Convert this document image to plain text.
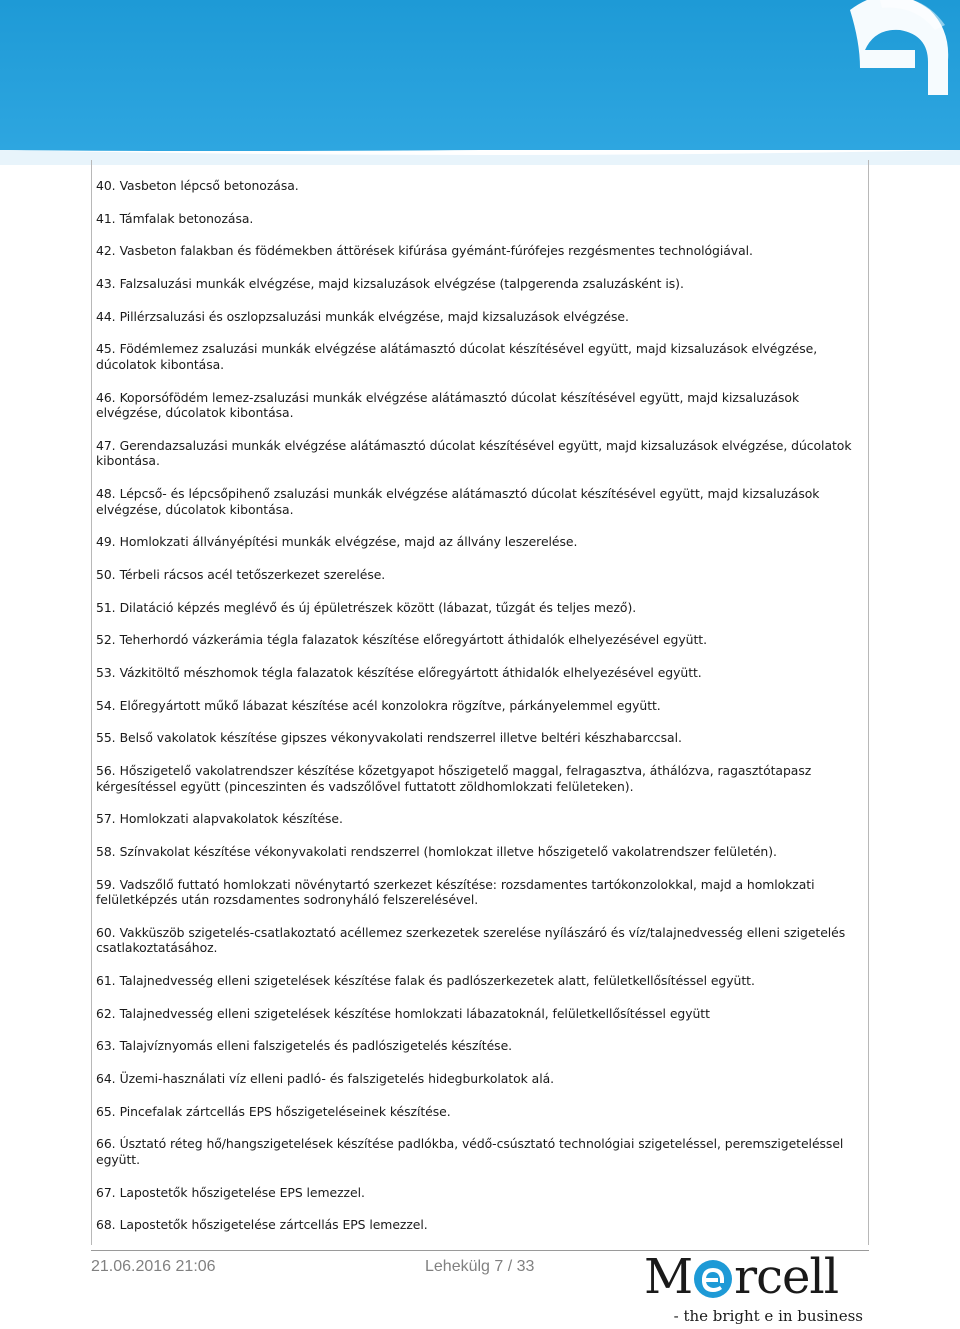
40. Vasbeton lépcső betonozása.
41. Támfalak betonozása.
42. Vasbeton falakban és födémekben áttörések kifúrása gyémánt-fúrófejes rezgésmentes technológiával.
43. Falzsaluzási munkák elvégzése, majd kizsaluzások elvégzése (talpgerenda zsaluzásként is).
44. Pillérzsaluzási és oszlopzsaluzási munkák elvégzése, majd kizsaluzások elvégzése.
45. Födémlemez zsaluzási munkák elvégzése alátámasztó dúcolat készítésével együtt, majd kizsaluzások elvégzése, dúcolatok kibontása.
46. Koporsófödém lemez-zsaluzási munkák elvégzése alátámasztó dúcolat készítésével együtt, majd kizsaluzások elvégzése, dúcolatok kibontása.
47. Gerendazsaluzási munkák elvégzése alátámasztó dúcolat készítésével együtt, majd kizsaluzások elvégzése, dúcolatok kibontása.
48. Lépcső- és lépcsőpihenő zsaluzási munkák elvégzése alátámasztó dúcolat készítésével együtt, majd kizsaluzások elvégzése, dúcolatok kibontása.
49. Homlokzati állványépítési munkák elvégzése, majd az állvány leszerelése.
50. Térbeli rácsos acél tetőszerkezet szerelése.
51. Dilatáció képzés meglévő és új épületrészek között (lábazat, tűzgát és teljes mező).
52. Teherhordó vázkerámia tégla falazatok készítése előregyártott áthidalók elhelyezésével együtt.
53. Vázkitöltő mészhomok tégla falazatok készítése előregyártott áthidalók elhelyezésével együtt.
54. Előregyártott műkő lábazat készítése acél konzolokra rögzítve, párkányelemmel együtt.
55. Belső vakolatok készítése gipszes vékonyvakolati rendszerrel illetve beltéri készhabarccsal.
56. Hőszigetelő vakolatrendszer készítése kőzetgyapot hőszigetelő maggal, felragasztva, áthálózva, ragasztótapasz kérgesítéssel együtt (pinceszinten és vadszőlővel futtatott zöldhomlokzati felületeken).
57. Homlokzati alapvakolatok készítése.
58. Színvakolat készítése vékonyvakolati rendszerrel (homlokzat illetve hőszigetelő vakolatrendszer felületén).
59. Vadszőlő futtató homlokzati növénytartó szerkezet készítése: rozsdamentes tartókonzolokkal, majd a homlokzati felületképzés után rozsdamentes sodronyháló felszerelésével.
60. Vakküszöb szigetelés-csatlakoztató acéllemez szerkezetek szerelése nyílászáró és víz/talajnedvesség elleni szigetelés csatlakoztatásához.
61. Talajnedvesség elleni szigetelések készítése falak és padlószerkezetek alatt, felületkellősítéssel együtt.
62. Talajnedvesség elleni szigetelések készítése homlokzati lábazatoknál, felületkellősítéssel együtt
63. Talajvíznyomás elleni falszigetelés és padlószigetelés készítése.
64. Üzemi-használati víz elleni padló- és falszigetelés hidegburkolatok alá.
65. Pincefalak zártcellás EPS hőszigeteléseinek készítése.
66. Úsztató réteg hő/hangszigetelések készítése padlókba, védő-csúsztató technológiai szigeteléssel, peremszigeteléssel együtt.
67. Lapostetők hőszigetelése EPS lemezzel.
68. Lapostetők hőszigetelése zártcellás EPS lemezzel.
21.06.2016 21:06	Lehekülg 7 / 33 M rcell
- the bright e in business
